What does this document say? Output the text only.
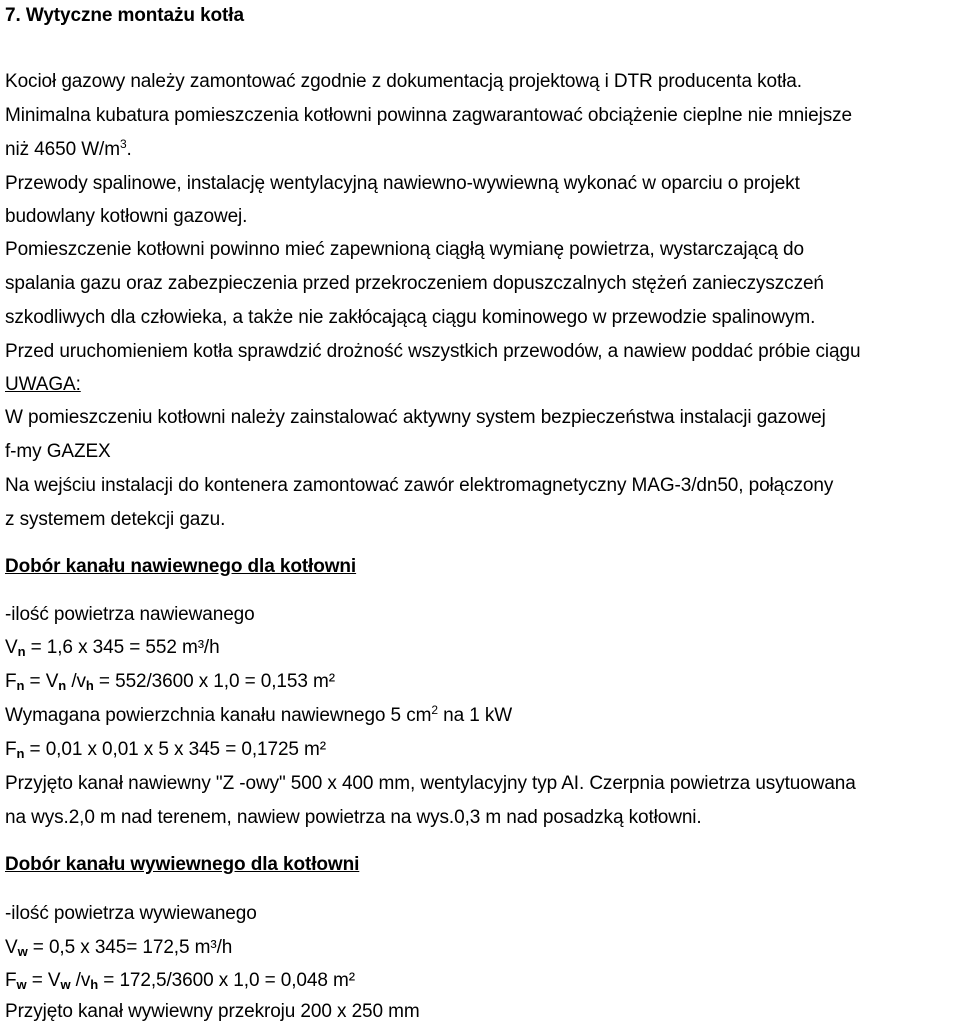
7. Wytyczne montażu kotła
Kocioł gazowy należy zamontować zgodnie z dokumentacją projektową i DTR producenta kotła.
Minimalna kubatura pomieszczenia kotłowni powinna zagwarantować obciążenie cieplne nie mniejsze
niż 4650 $W/m^3$.
Przewody spalinowe, instalację wentylacyjną nawiewno-wywiewną wykonać w oparciu o projekt
budowlany kotłowni gazowej.
Pomieszczenie kotłowni powinno mieć zapewnioną ciągłą wymianę powietrza, wystarczającą do
spalania gazu oraz zabezpieczenia przed przekroczeniem dopuszczalnych stężeń zanieczyszczeń
szkodliwych dla człowieka, a także nie zakłócającą ciągu kominowego w przewodzie spalinowym.
Przed uruchomieniem kotła sprawdzić drożność wszystkich przewodów, a nawiew poddać próbie ciągu
UWAGA:
W pomieszczeniu kotłowni należy zainstalować aktywny system bezpieczeństwa instalacji gazowej
f-my GAZEX
Na wejściu instalacji do kontenera zamontować zawór elektromagnetyczny MAG-3/dn50, połączony
z systemem detekcji gazu.
Dobór kanału nawiewnego dla kotłowni
-ilość powietrza nawiewanego
$V_n = 1,6$ x 345 = 552 m³/h
$F_n = V_n$ $/v_h = 552/3600$ x 1,0 = 0,153 m²
Wymagana powierzchnia kanału nawiewnego 5 $cm^2$ na 1 kW
$F_n = 0,01$ x 0,01 x 5 x 345 = 0,1725 m²
Przyjęto kanał nawiewny "Z -owy" 500 x 400 mm, wentylacyjny typ AI. Czerpnia powietrza usytuowana
na wys.2,0 m nad terenem, nawiew powietrza na wys.0,3 m nad posadzką kotłowni.
Dobór kanału wywiewnego dla kotłowni
-ilość powietrza wywiewanego
$V_w = 0,5$ x 345= 172,5 m³/h
$F_w = V_w$ $/v_h = 172,5/3600$ x 1,0 = 0,048 m²
Przyjęto kanał wywiewny przekroju 200 x 250 mm
